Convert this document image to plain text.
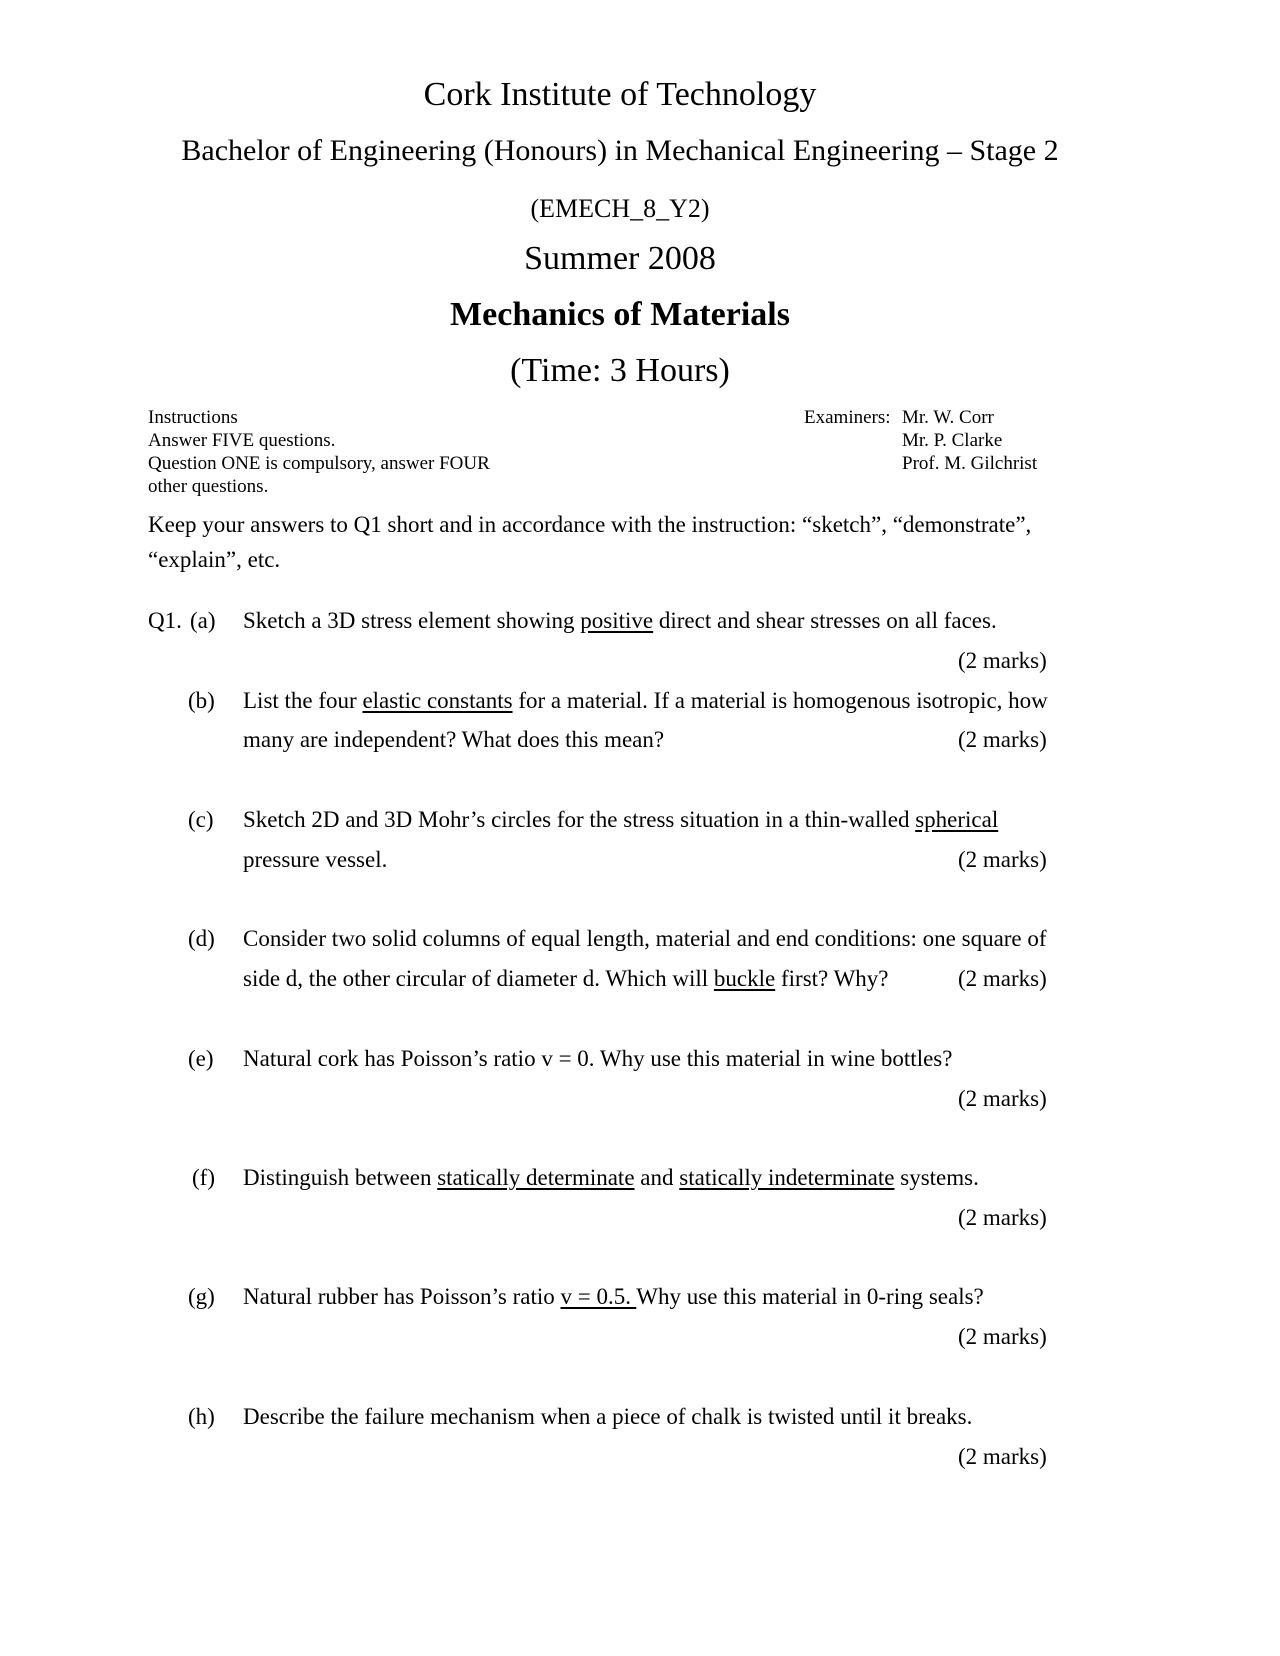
Cork Institute of Technology
Bachelor of Engineering (Honours) in Mechanical Engineering – Stage 2
(EMECH_8_Y2)
Summer 2008
Mechanics of Materials
(Time: 3 Hours)
Instructions
Answer FIVE questions.
Question ONE is compulsory, answer FOUR
other questions.
Examiners: Mr. W. Corr
Mr. P. Clarke
Prof. M. Gilchrist
Keep your answers to Q1 short and in accordance with the instruction: “sketch”, “demonstrate”,
“explain”, etc.
Q1. (a) Sketch a 3D stress element showing positive direct and shear stresses on all faces.
(2 marks)
(b) List the four elastic constants for a material. If a material is homogenous isotropic, how
many are independent? What does this mean?	(2 marks)
(c) Sketch 2D and 3D Mohr’s circles for the stress situation in a thin-walled spherical
pressure vessel.	(2 marks)
(d) Consider two solid columns of equal length, material and end conditions: one square of
side d, the other circular of diameter d. Which will buckle first? Why?	(2 marks)
(e) Natural cork has Poisson’s ratio v = 0. Why use this material in wine bottles?
(2 marks)
(f) Distinguish between statically determinate and statically indeterminate systems.
(2 marks)
(g) Natural rubber has Poisson’s ratio v = 0.5. Why use this material in 0-ring seals?
(2 marks)
(h) Describe the failure mechanism when a piece of chalk is twisted until it breaks.
(2 marks)
